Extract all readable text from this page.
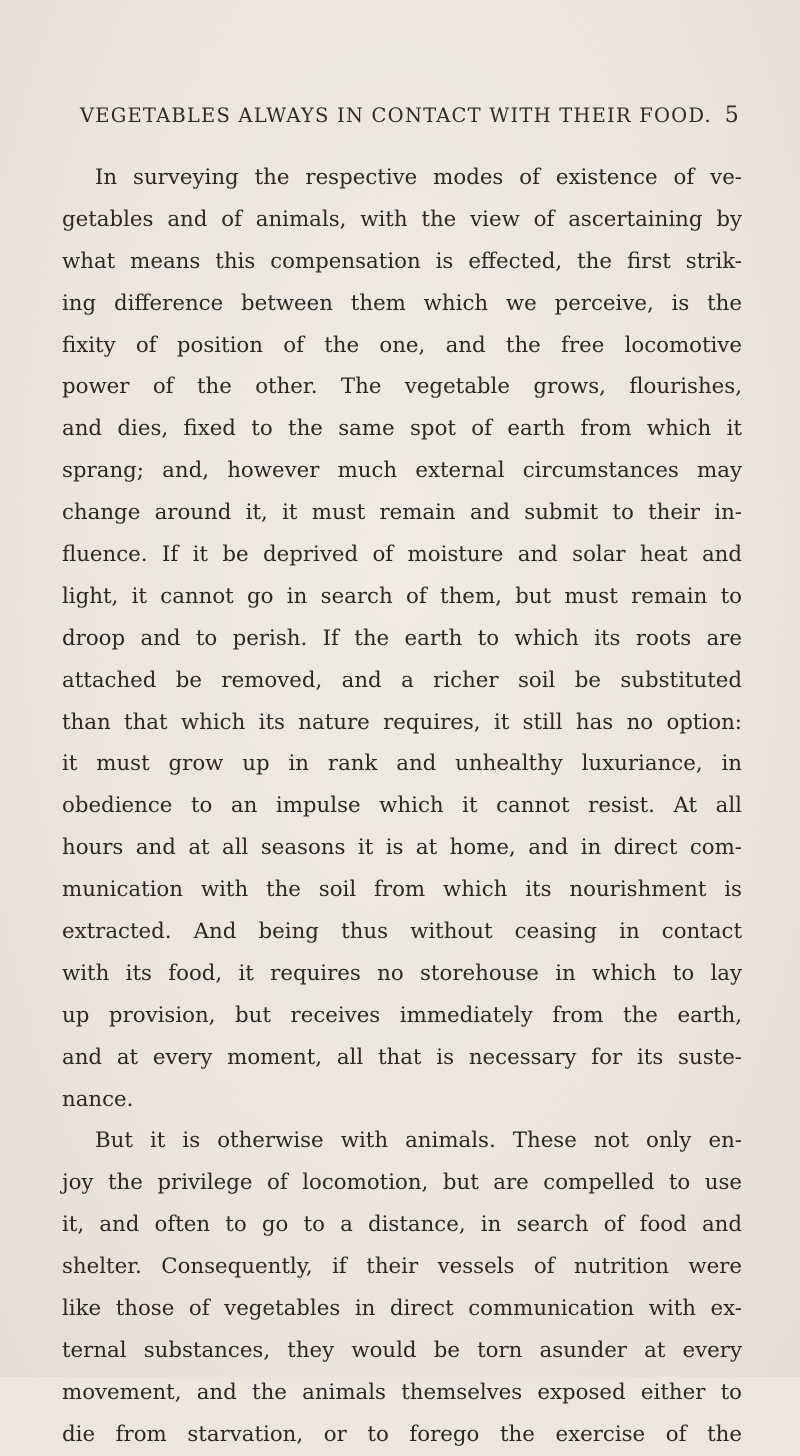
VEGETABLES ALWAYS IN CONTACT WITH THEIR FOOD. 5
In surveying the respective modes of existence of ve-
getables and of animals, with the view of ascertaining by
what means this compensation is effected, the first strik-
ing difference between them which we perceive, is the
fixity of position of the one, and the free locomotive
power of the other. The vegetable grows, flourishes,
and dies, fixed to the same spot of earth from which it
sprang; and, however much external circumstances may
change around it, it must remain and submit to their in-
fluence. If it be deprived of moisture and solar heat and
light, it cannot go in search of them, but must remain to
droop and to perish. If the earth to which its roots are
attached be removed, and a richer soil be substituted
than that which its nature requires, it still has no option:
it must grow up in rank and unhealthy luxuriance, in
obedience to an impulse which it cannot resist. At all
hours and at all seasons it is at home, and in direct com-
munication with the soil from which its nourishment is
extracted. And being thus without ceasing in contact
with its food, it requires no storehouse in which to lay
up provision, but receives immediately from the earth,
and at every moment, all that is necessary for its suste-
nance.
But it is otherwise with animals. These not only en-
joy the privilege of locomotion, but are compelled to use
it, and often to go to a distance, in search of food and
shelter. Consequently, if their vessels of nutrition were
like those of vegetables in direct communication with ex-
ternal substances, they would be torn asunder at every
movement, and the animals themselves exposed either to
die from starvation, or to forego the exercise of the
